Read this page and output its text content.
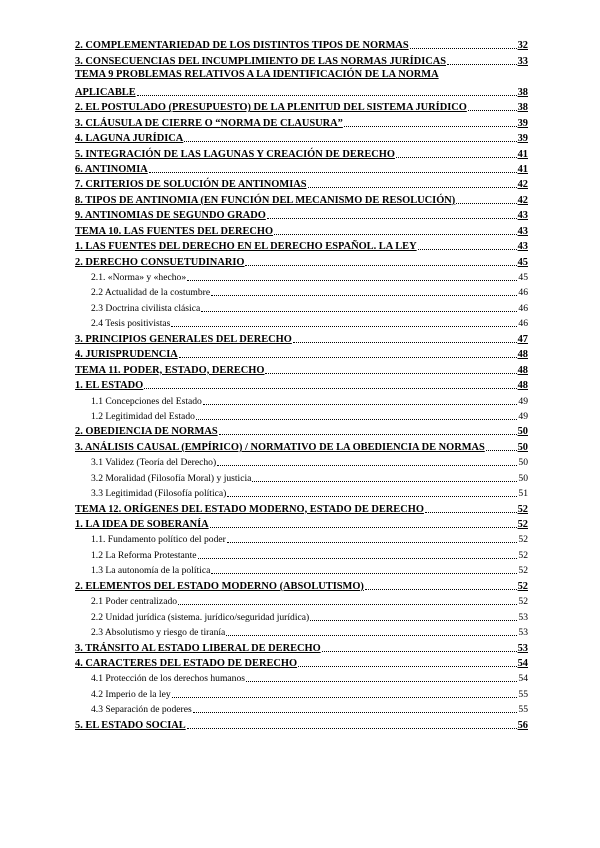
2. COMPLEMENTARIEDAD DE LOS DISTINTOS TIPOS DE NORMAS	32
3. CONSECUENCIAS DEL INCUMPLIMIENTO DE LAS NORMAS JURÍDICAS	33
TEMA 9 PROBLEMAS RELATIVOS A LA IDENTIFICACIÓN DE LA NORMA
APLICABLE	38
2. EL POSTULADO (PRESUPUESTO) DE LA PLENITUD DEL SISTEMA JURÍDICO	38
3. CLÁUSULA DE CIERRE O “NORMA DE CLAUSURA”	39
4. LAGUNA JURÍDICA	39
5. INTEGRACIÓN DE LAS LAGUNAS Y CREACIÓN DE DERECHO	41
6. ANTINOMIA	41
7. CRITERIOS DE SOLUCIÓN DE ANTINOMIAS	42
8. TIPOS DE ANTINOMIA (EN FUNCIÓN DEL MECANISMO DE RESOLUCIÓN)	42
9. ANTINOMIAS DE SEGUNDO GRADO	43
TEMA 10. LAS FUENTES DEL DERECHO	43
1. LAS FUENTES DEL DERECHO EN EL DERECHO ESPAÑOL. LA LEY	43
2. DERECHO CONSUETUDINARIO	45
2.1. «Norma» y «hecho»	45
2.2 Actualidad de la costumbre	46
2.3 Doctrina civilista clásica	46
2.4 Tesis positivistas	46
3. PRINCIPIOS GENERALES DEL DERECHO	47
4. JURISPRUDENCIA	48
TEMA 11. PODER, ESTADO, DERECHO	48
1. EL ESTADO	48
1.1 Concepciones del Estado	49
1.2 Legitimidad del Estado	49
2. OBEDIENCIA DE NORMAS	50
3. ANÁLISIS CAUSAL (EMPÍRICO) / NORMATIVO DE LA OBEDIENCIA DE NORMAS	50
3.1 Validez (Teoría del Derecho)	50
3.2 Moralidad (Filosofía Moral) y justicia	50
3.3 Legitimidad (Filosofía política)	51
TEMA 12. ORÍGENES DEL ESTADO MODERNO, ESTADO DE DERECHO	52
1. LA IDEA DE SOBERANÍA	52
1.1. Fundamento político del poder	52
1.2 La Reforma Protestante	52
1.3 La autonomía de la política	52
2. ELEMENTOS DEL ESTADO MODERNO (ABSOLUTISMO)	52
2.1 Poder centralizado	52
2.2 Unidad jurídica (sistema. jurídico/seguridad jurídica)	53
2.3 Absolutismo y riesgo de tiranía	53
3. TRÁNSITO AL ESTADO LIBERAL DE DERECHO	53
4. CARACTERES DEL ESTADO DE DERECHO	54
4.1 Protección de los derechos humanos	54
4.2 Imperio de la ley	55
4.3 Separación de poderes	55
5. EL ESTADO SOCIAL	56
